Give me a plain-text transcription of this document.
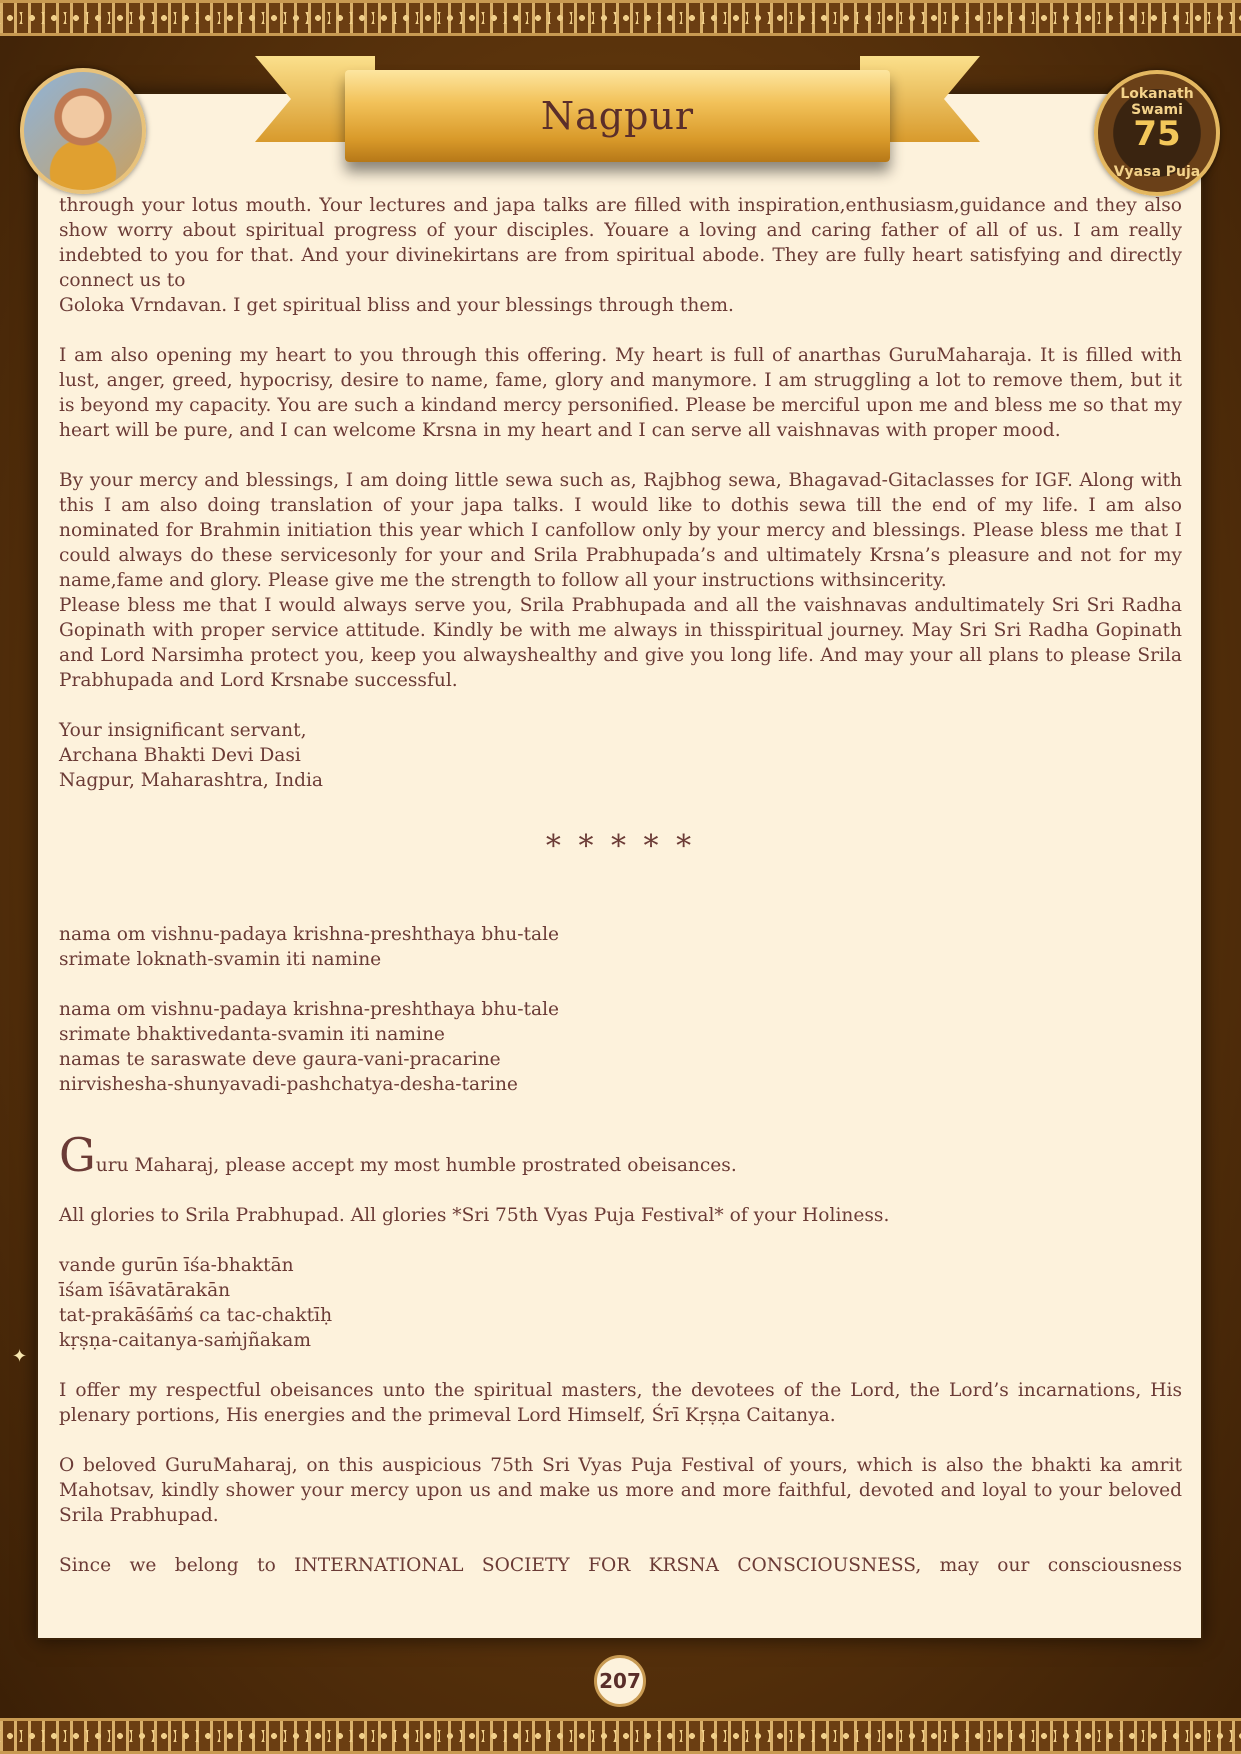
Nagpur	Lokanath Swami
75
Vyasa Puja

through your lotus mouth. Your lectures and japa talks are filled with inspiration,enthusiasm,guidance and they also show worry about spiritual progress of your disciples. Youare a loving and caring father of all of us. I am really indebted to you for that. And your divinekirtans are from spiritual abode. They are fully heart satisfying and directly connect us to

Goloka Vrndavan. I get spiritual bliss and your blessings through them.

I am also opening my heart to you through this offering. My heart is full of anarthas GuruMaharaja. It is filled with lust, anger, greed, hypocrisy, desire to name, fame, glory and manymore. I am struggling a lot to remove them, but it is beyond my capacity. You are such a kindand mercy personified. Please be merciful upon me and bless me so that my heart will be pure, and I can welcome Krsna in my heart and I can serve all vaishnavas with proper mood.

By your mercy and blessings, I am doing little sewa such as, Rajbhog sewa, Bhagavad-Gitaclasses for IGF. Along with this I am also doing translation of your japa talks. I would like to dothis sewa till the end of my life. I am also nominated for Brahmin initiation this year which I canfollow only by your mercy and blessings. Please bless me that I could always do these servicesonly for your and Srila Prabhupada’s and ultimately Krsna’s pleasure and not for my name,fame and glory. Please give me the strength to follow all your instructions withsincerity.

Please bless me that I would always serve you, Srila Prabhupada and all the vaishnavas andultimately Sri Sri Radha Gopinath with proper service attitude. Kindly be with me always in thisspiritual journey. May Sri Sri Radha Gopinath and Lord Narsimha protect you, keep you alwayshealthy and give you long life. And may your all plans to please Srila Prabhupada and Lord Krsnabe successful.

Your insignificant servant,
Archana Bhakti Devi Dasi
Nagpur, Maharashtra, India
* * * * *
nama om vishnu-padaya krishna-preshthaya bhu-tale
srimate loknath-svamin iti namine
nama om vishnu-padaya krishna-preshthaya bhu-tale
srimate bhaktivedanta-svamin iti namine
namas te saraswate deve gaura-vani-pracarine
nirvishesha-shunyavadi-pashchatya-desha-tarine

Guru Maharaj, please accept my most humble prostrated obeisances.

All glories to Srila Prabhupad. All glories *Sri 75th Vyas Puja Festival* of your Holiness.

vande gurūn īśa-bhaktān
īśam īśāvatārakān
tat-prakāśāṁś ca tac-chaktīḥ
kṛṣṇa-caitanya-saṁjñakam

I offer my respectful obeisances unto the spiritual masters, the devotees of the Lord, the Lord’s incarnations, His plenary portions, His energies and the primeval Lord Himself, Śrī Kṛṣṇa Caitanya.

O beloved GuruMaharaj, on this auspicious 75th Sri Vyas Puja Festival of yours, which is also the bhakti ka amrit Mahotsav, kindly shower your mercy upon us and make us more and more faithful, devoted and loyal to your beloved Srila Prabhupad.

Since we belong to INTERNATIONAL SOCIETY FOR KRSNA CONSCIOUSNESS, may our consciousness

✦
207
